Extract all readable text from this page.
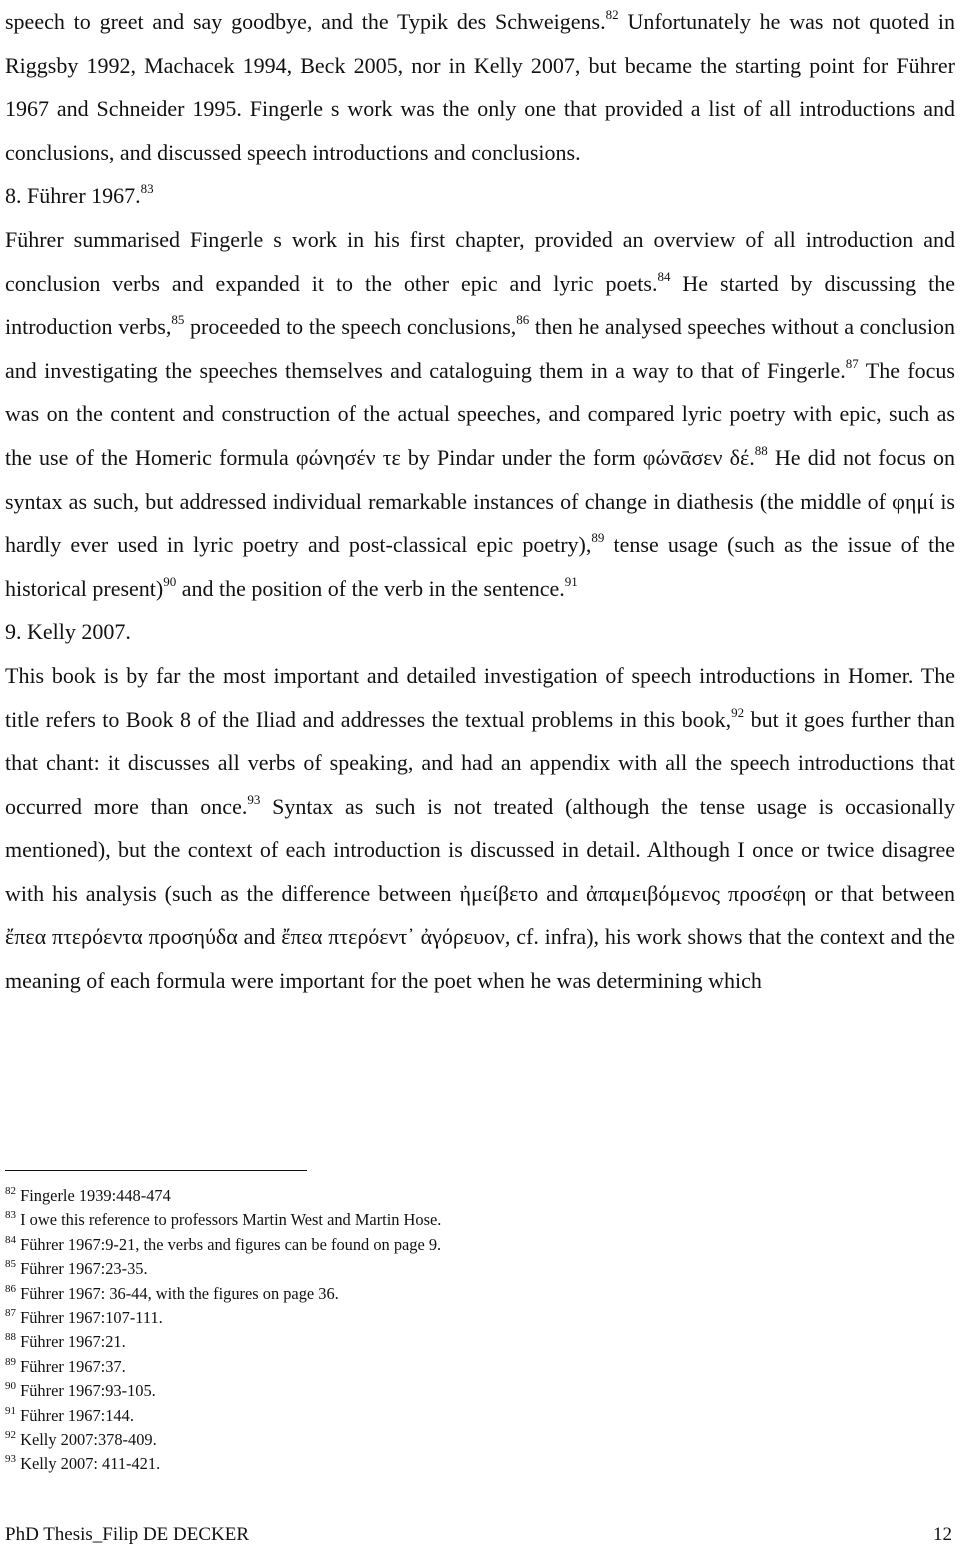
speech to greet and say goodbye, and the Typik des Schweigens.$^{82}$ Unfortunately he was not quoted in Riggsby 1992, Machacek 1994, Beck 2005, nor in Kelly 2007, but became the starting point for Führer 1967 and Schneider 1995. Fingerle s work was the only one that provided a list of all introductions and conclusions, and discussed speech introductions and conclusions.

8. Führer 1967.83

Führer summarised Fingerle s work in his first chapter, provided an overview of all introduction and conclusion verbs and expanded it to the other epic and lyric poets.$^{84}$ He started by discussing the introduction verbs,$^{85}$ proceeded to the speech conclusions,$^{86}$ then he analysed speeches without a conclusion and investigating the speeches themselves and cataloguing them in a way to that of Fingerle.$^{87}$ The focus was on the content and construction of the actual speeches, and compared lyric poetry with epic, such as the use of the Homeric formula φώνησέν τε by Pindar under the form φώνᾱσεν δέ.$^{88}$ He did not focus on syntax as such, but addressed individual remarkable instances of change in diathesis (the middle of φημί is hardly ever used in lyric poetry and post-classical epic poetry),$^{89}$ tense usage (such as the issue of the historical present)$^{90}$ and the position of the verb in the sentence.$^{91}$

9. Kelly 2007.

This book is by far the most important and detailed investigation of speech introductions in Homer. The title refers to Book 8 of the Iliad and addresses the textual problems in this book,$^{92}$ but it goes further than that chant: it discusses all verbs of speaking, and had an appendix with all the speech introductions that occurred more than once.$^{93}$ Syntax as such is not treated (although the tense usage is occasionally mentioned), but the context of each introduction is discussed in detail. Although I once or twice disagree with his analysis (such as the difference between ἠμείβετο and ἀπαμειβόμενος προσέφη or that between ἔπεα πτερόεντα προσηύδα and ἔπεα πτερόεντ᾽ ἀγόρευον, cf. infra), his work shows that the context and the meaning of each formula were important for the poet when he was determining which

$^{82}$ Fingerle 1939:448-474
$^{83}$ I owe this reference to professors Martin West and Martin Hose.
$^{84}$ Führer 1967:9-21, the verbs and figures can be found on page 9.
$^{85}$ Führer 1967:23-35.
$^{86}$ Führer 1967: 36-44, with the figures on page 36.
$^{87}$ Führer 1967:107-111.
$^{88}$ Führer 1967:21.
$^{89}$ Führer 1967:37.
$^{90}$ Führer 1967:93-105.
$^{91}$ Führer 1967:144.
$^{92}$ Kelly 2007:378-409.
$^{93}$ Kelly 2007: 411-421.
PhD Thesis_Filip DE DECKER	12
